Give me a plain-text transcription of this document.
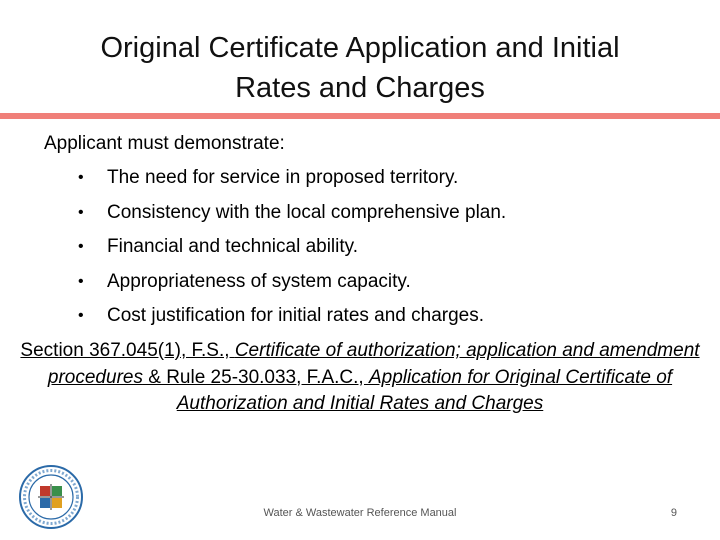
Original Certificate Application and Initial
Rates and Charges
Applicant must demonstrate:
•	The need for service in proposed territory.
•	Consistency with the local comprehensive plan.
•	Financial and technical ability.
•	Appropriateness of system capacity.
•	Cost justification for initial rates and charges.
Section 367.045(1), F.S., Certificate of authorization; application and amendment procedures & Rule 25-30.033, F.A.C., Application for Original Certificate of Authorization and Initial Rates and Charges
Water & Wastewater Reference Manual	9
